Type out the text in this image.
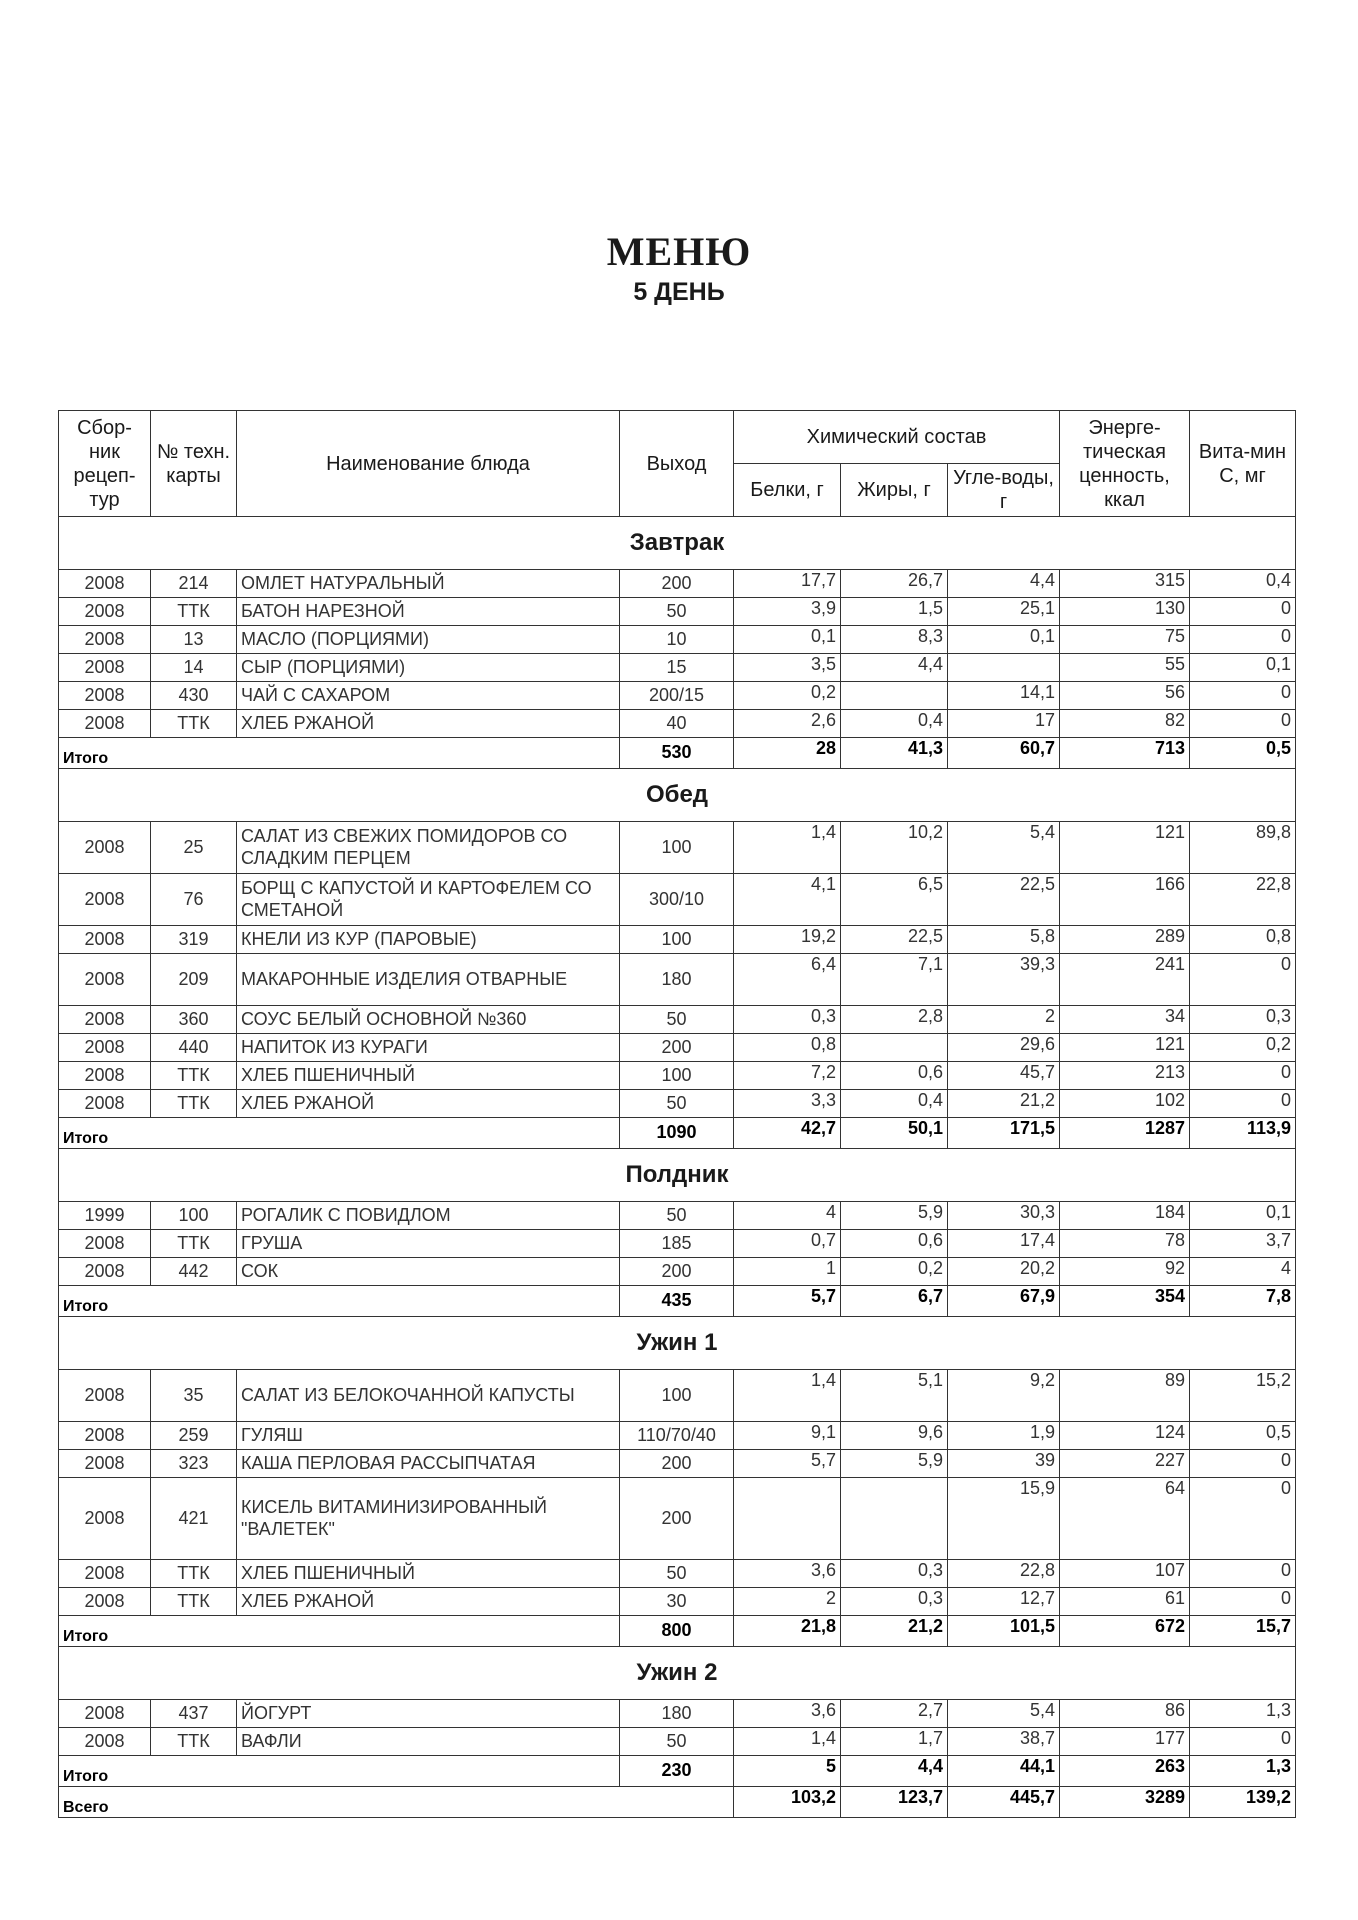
МЕНЮ
5 ДЕНЬ
Сбор-ник рецеп-тур	№ техн. карты	Наименование блюда	Выход	Химический состав			Энерге-тическая ценность, ккал	Вита-мин С, мг
				Белки, г	Жиры, г	Угле-воды, г		
Завтрак								
2008	214	ОМЛЕТ НАТУРАЛЬНЫЙ	200	17,7	26,7	4,4	315	0,4
2008	ТТК	БАТОН НАРЕЗНОЙ	50	3,9	1,5	25,1	130	0
2008	13	МАСЛО (ПОРЦИЯМИ)	10	0,1	8,3	0,1	75	0
2008	14	СЫР (ПОРЦИЯМИ)	15	3,5	4,4		55	0,1
2008	430	ЧАЙ С САХАРОМ	200/15	0,2		14,1	56	0
2008	ТТК	ХЛЕБ РЖАНОЙ	40	2,6	0,4	17	82	0
Итого			530	28	41,3	60,7	713	0,5
Обед								
2008	25	САЛАТ ИЗ СВЕЖИХ ПОМИДОРОВ СО СЛАДКИМ ПЕРЦЕМ	100	1,4	10,2	5,4	121	89,8
2008	76	БОРЩ С КАПУСТОЙ И КАРТОФЕЛЕМ СО СМЕТАНОЙ	300/10	4,1	6,5	22,5	166	22,8
2008	319	КНЕЛИ ИЗ КУР (ПАРОВЫЕ)	100	19,2	22,5	5,8	289	0,8
2008	209	МАКАРОННЫЕ ИЗДЕЛИЯ ОТВАРНЫЕ	180	6,4	7,1	39,3	241	0
2008	360	СОУС БЕЛЫЙ ОСНОВНОЙ №360	50	0,3	2,8	2	34	0,3
2008	440	НАПИТОК ИЗ КУРАГИ	200	0,8		29,6	121	0,2
2008	ТТК	ХЛЕБ ПШЕНИЧНЫЙ	100	7,2	0,6	45,7	213	0
2008	ТТК	ХЛЕБ РЖАНОЙ	50	3,3	0,4	21,2	102	0
Итого			1090	42,7	50,1	171,5	1287	113,9
Полдник								
1999	100	РОГАЛИК С ПОВИДЛОМ	50	4	5,9	30,3	184	0,1
2008	ТТК	ГРУША	185	0,7	0,6	17,4	78	3,7
2008	442	СОК	200	1	0,2	20,2	92	4
Итого			435	5,7	6,7	67,9	354	7,8
Ужин 1								
2008	35	САЛАТ ИЗ БЕЛОКОЧАННОЙ КАПУСТЫ	100	1,4	5,1	9,2	89	15,2
2008	259	ГУЛЯШ	110/70/40	9,1	9,6	1,9	124	0,5
2008	323	КАША ПЕРЛОВАЯ РАССЫПЧАТАЯ	200	5,7	5,9	39	227	0
2008	421	КИСЕЛЬ ВИТАМИНИЗИРОВАННЫЙ "ВАЛЕТЕК"	200			15,9	64	0
2008	ТТК	ХЛЕБ ПШЕНИЧНЫЙ	50	3,6	0,3	22,8	107	0
2008	ТТК	ХЛЕБ РЖАНОЙ	30	2	0,3	12,7	61	0
Итого			800	21,8	21,2	101,5	672	15,7
Ужин 2								
2008	437	ЙОГУРТ	180	3,6	2,7	5,4	86	1,3
2008	ТТК	ВАФЛИ	50	1,4	1,7	38,7	177	0
Итого			230	5	4,4	44,1	263	1,3
Всего				103,2	123,7	445,7	3289	139,2
